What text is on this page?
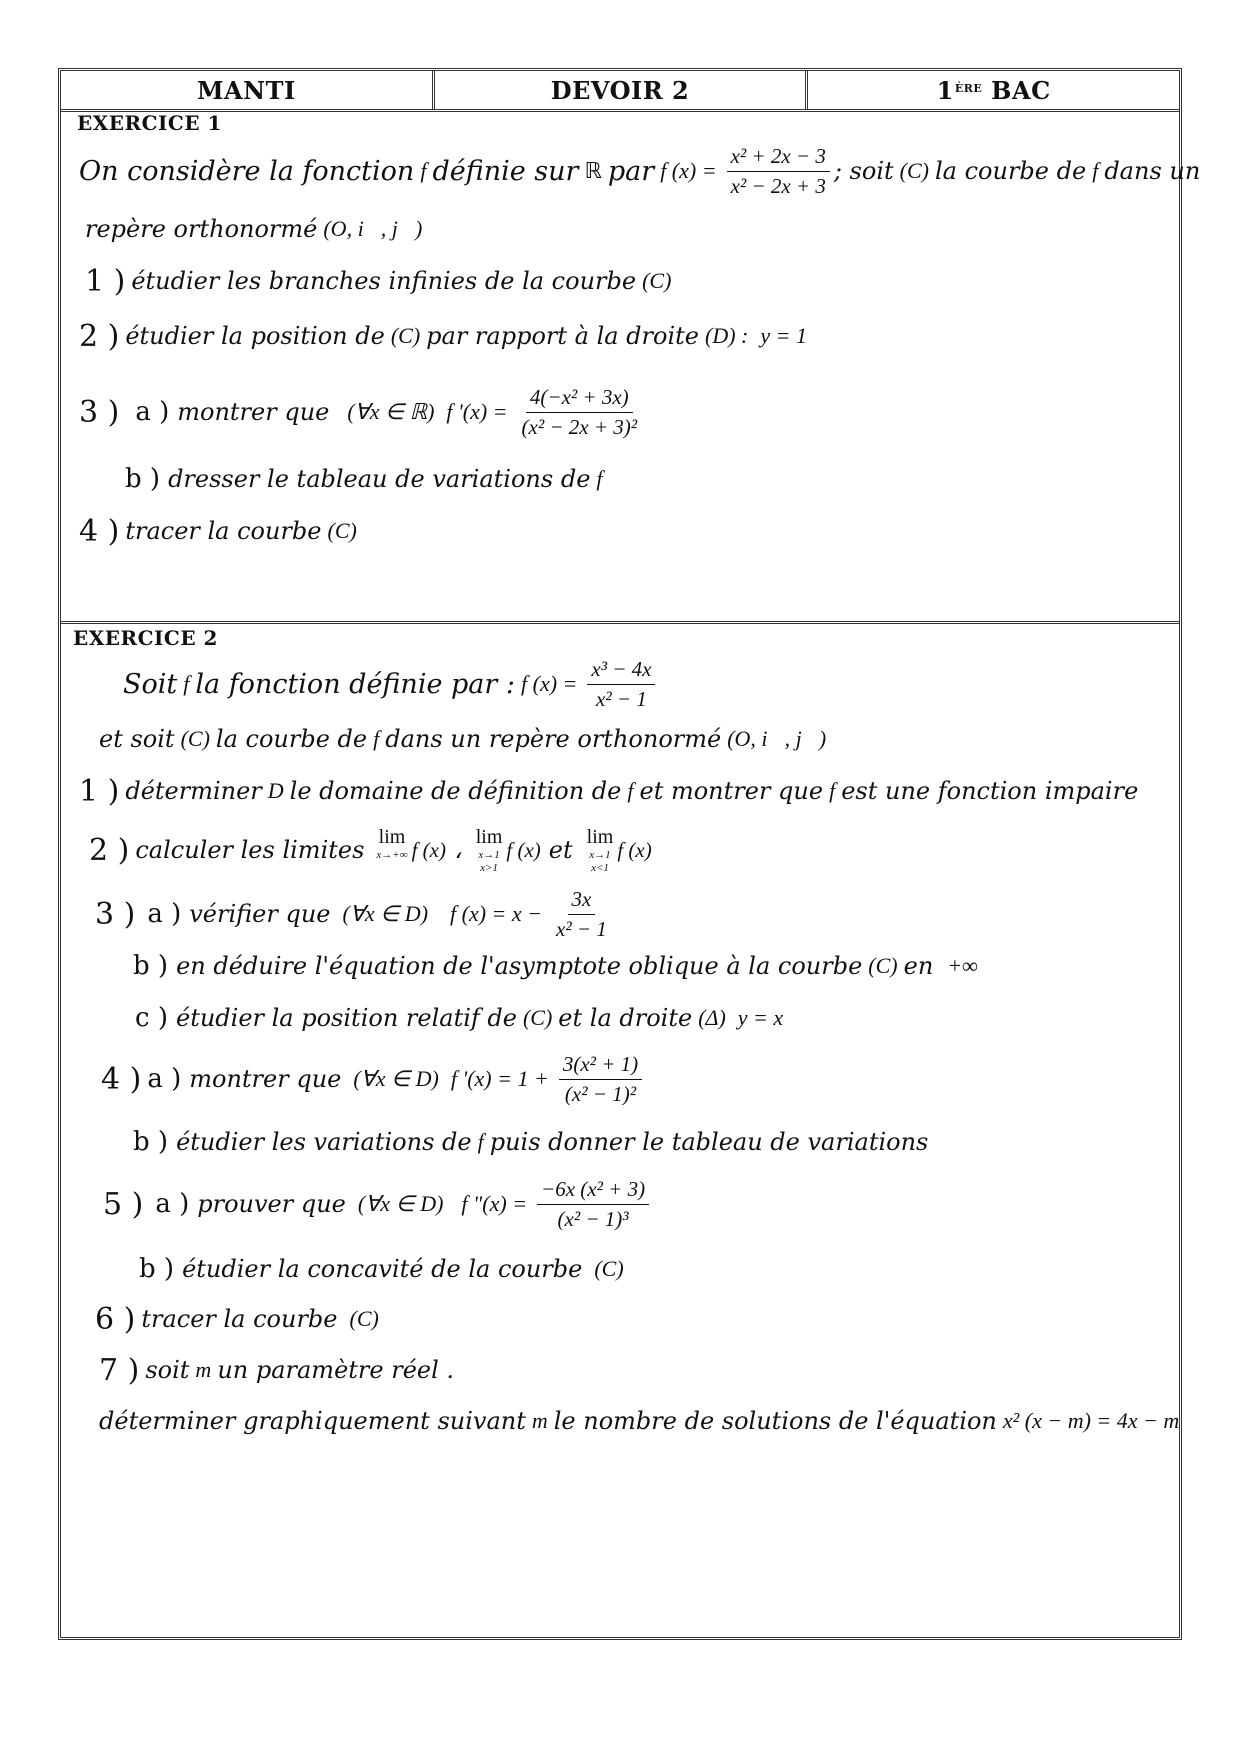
MANTI	DEVOIR 2	1ÈRE
BAC
EXERCICE 1
On considère la fonction f définie sur ℝ par f $(x) = \frac{\text{x² + 2x − 3}}{\text{x² − 2x + 3}}$ ; soit (C) la courbe de f dans un
repère orthonormé (O, i⃗, j⃗)
1 ) étudier les branches infinies de la courbe (C)
2 ) étudier la position de (C) par rapport à la droite (D) : y = 1
3 ) a ) montrer que (∀x ∈ ℝ) f '$(x) = \frac{\text{4(−x² + 3x)}}{\text{(x² − 2x + 3)²}}$
b ) dresser le tableau de variations de f
4 ) tracer la courbe (C)
EXERCICE 2
Soit f la fonction définie par : f $(x) = \frac{\text{x³ − 4x}}{\text{x² − 1}}$
et soit (C) la courbe de f dans un repère orthonormé (O, i⃗, j⃗)
1 ) déterminer D le domaine de définition de f et montrer que f est une fonction impaire
2 ) calculer les limites lim
x→+∞
f (x) ، lim
x→1
x>1
f (x) et lim
x→1
x<1
f (x)
3 ) a ) vérifier que (∀x ∈ D) f $(x) = x - \frac{3x}{\text{x² − 1}}$
b ) en déduire l'équation de l'asymptote oblique à la courbe (C) en +∞
c ) étudier la position relatif de (C) et la droite (Δ) y = x
4 ) a ) montrer que (∀x ∈ D) f '$(x) = 1 + \frac{\text{3(x² + 1)}}{\text{(x² − 1)²}}$
b ) étudier les variations de f puis donner le tableau de variations
5 ) a ) prouver que (∀x ∈ D) f "$(x) = \frac{\text{−6x (x² + 3)}}{\text{(x² − 1)³}}$
b ) étudier la concavité de la courbe (C)
6 ) tracer la courbe (C)
7 ) soit m un paramètre réel .
déterminer graphiquement suivant m le nombre de solutions de l'équation x² (x − m) = 4x − m
